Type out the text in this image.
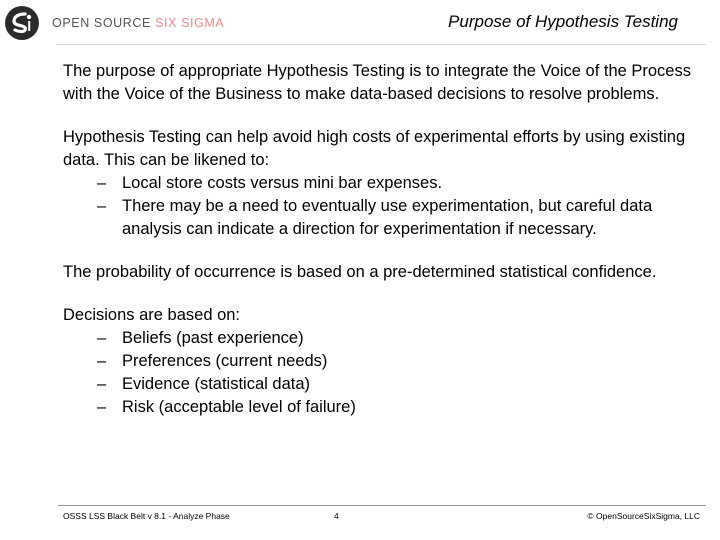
OPEN SOURCE SIX SIGMA	Purpose of Hypothesis Testing

The purpose of appropriate Hypothesis Testing is to integrate the Voice of the Process with the Voice of the Business to make data-based decisions to resolve problems.

Hypothesis Testing can help avoid high costs of experimental efforts by using existing data. This can be likened to:

– Local store costs versus mini bar expenses.
– There may be a need to eventually use experimentation, but careful data analysis can indicate a direction for experimentation if necessary.

The probability of occurrence is based on a pre-determined statistical confidence.

Decisions are based on:

– Beliefs (past experience)
– Preferences (current needs)
– Evidence (statistical data)
– Risk (acceptable level of failure)
OSSS LSS Black Belt v 8.1 - Analyze Phase	4	© OpenSourceSixSigma, LLC
